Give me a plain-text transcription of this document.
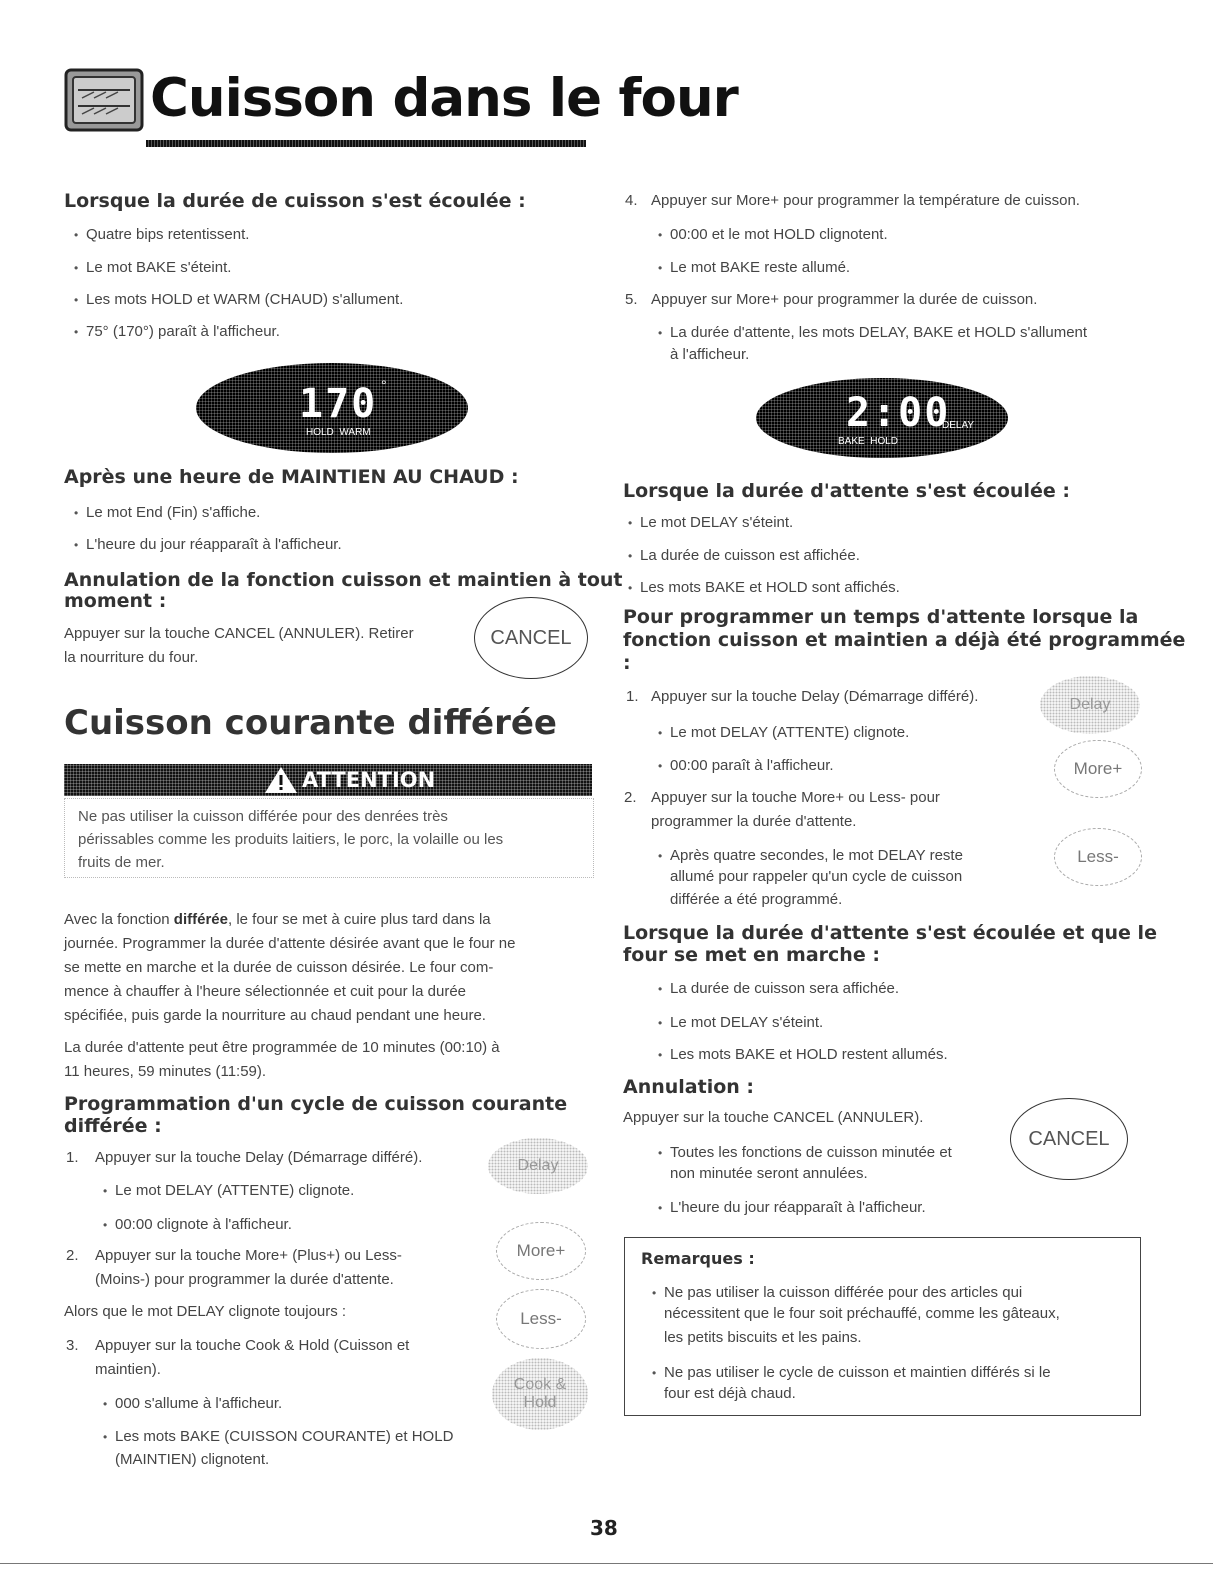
Cuisson dans le four
Lorsque la durée de cuisson s'est écoulée :
• Quatre bips retentissent.
• Le mot BAKE s'éteint.
• Les mots HOLD et WARM (CHAUD) s'allument.
• 75° (170°) paraît à l'afficheur.
170 °
HOLD  WARM
Après une heure de MAINTIEN AU CHAUD :
• Le mot End (Fin) s'affiche.
• L'heure du jour réapparaît à l'afficheur.
Annulation de la fonction cuisson et maintien à tout
moment :
Appuyer sur la touche CANCEL (ANNULER). Retirer
la nourriture du four.
CANCEL
Cuisson courante différée
ATTENTION
Ne pas utiliser la cuisson différée pour des denrées très
périssables comme les produits laitiers, le porc, la volaille ou les
fruits de mer.
Avec la fonction différée, le four se met à cuire plus tard dans la
journée. Programmer la durée d'attente désirée avant que le four ne
se mette en marche et la durée de cuisson désirée. Le four com-
mence à chauffer à l'heure sélectionnée et cuit pour la durée
spécifiée, puis garde la nourriture au chaud pendant une heure.
La durée d'attente peut être programmée de 10 minutes (00:10) à
11 heures, 59 minutes (11:59).
Programmation d'un cycle de cuisson courante
différée :
1. Appuyer sur la touche Delay (Démarrage différé).
• Le mot DELAY (ATTENTE) clignote.
• 00:00 clignote à l'afficheur.
2. Appuyer sur la touche More+ (Plus+) ou Less-
(Moins-) pour programmer la durée d'attente.
Alors que le mot DELAY clignote toujours :
3. Appuyer sur la touche Cook & Hold (Cuisson et
maintien).
• 000 s'allume à l'afficheur.
• Les mots BAKE (CUISSON COURANTE) et HOLD
(MAINTIEN) clignotent.
Delay
More+
Less-
Cook &
Hold
4. Appuyer sur More+ pour programmer la température de cuisson.
• 00:00 et le mot HOLD clignotent.
• Le mot BAKE reste allumé.
5. Appuyer sur More+ pour programmer la durée de cuisson.
• La durée d'attente, les mots DELAY, BAKE et HOLD s'allument
à l'afficheur.
2:00
DELAY
BAKE  HOLD
Lorsque la durée d'attente s'est écoulée :
• Le mot DELAY s'éteint.
• La durée de cuisson est affichée.
• Les mots BAKE et HOLD sont affichés.
Pour programmer un temps d'attente lorsque la
fonction cuisson et maintien a déjà été programmée
:
1. Appuyer sur la touche Delay (Démarrage différé).
• Le mot DELAY (ATTENTE) clignote.
• 00:00 paraît à l'afficheur.
2. Appuyer sur la touche More+ ou Less- pour
programmer la durée d'attente.
• Après quatre secondes, le mot DELAY reste
allumé pour rappeler qu'un cycle de cuisson
différée a été programmé.
Delay
More+
Less-
Lorsque la durée d'attente s'est écoulée et que le
four se met en marche :
• La durée de cuisson sera affichée.
• Le mot DELAY s'éteint.
• Les mots BAKE et HOLD restent allumés.
Annulation :
Appuyer sur la touche CANCEL (ANNULER).
• Toutes les fonctions de cuisson minutée et
non minutée seront annulées.
• L'heure du jour réapparaît à l'afficheur.
CANCEL
Remarques :
• Ne pas utiliser la cuisson différée pour des articles qui
nécessitent que le four soit préchauffé, comme les gâteaux,
les petits biscuits et les pains.
• Ne pas utiliser le cycle de cuisson et maintien différés si le
four est déjà chaud.
38
